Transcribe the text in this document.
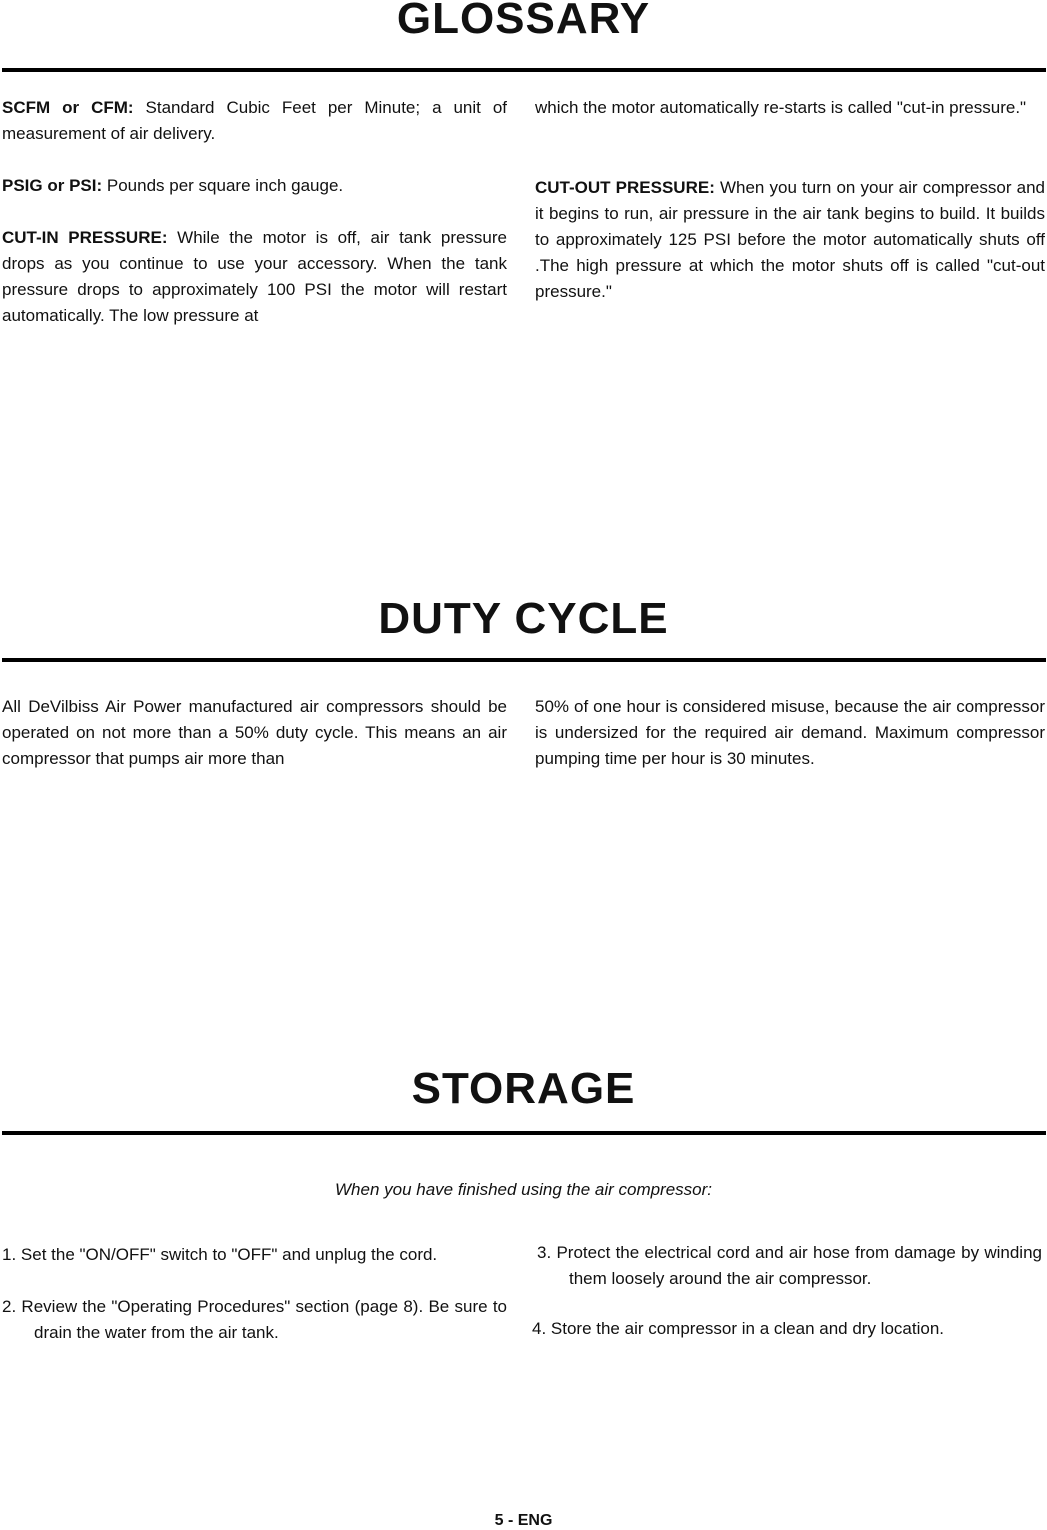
GLOSSARY

SCFM or CFM: Standard Cubic Feet per Minute; a unit of measurement of air delivery.

PSIG or PSI: Pounds per square inch gauge.

CUT-IN PRESSURE: While the motor is off, air tank pressure drops as you continue to use your accessory. When the tank pressure drops to approximately 100 PSI the motor will restart automatically. The low pressure at

which the motor automatically re-starts is called "cut-in pressure."

CUT-OUT PRESSURE: When you turn on your air compressor and it begins to run, air pressure in the air tank begins to build. It builds to approximately 125 PSI before the motor automatically shuts off .The high pressure at which the motor shuts off is called "cut-out pressure."

DUTY CYCLE

All DeVilbiss Air Power manufactured air compressors should be operated on not more than a 50% duty cycle. This means an air compressor that pumps air more than

50% of one hour is considered misuse, because the air compressor is undersized for the required air demand. Maximum compressor pumping time per hour is 30 minutes.

STORAGE
When you have finished using the air compressor:

1. Set the "ON/OFF" switch to "OFF" and unplug the cord.

2. Review the "Operating Procedures" section (page 8). Be sure to drain the water from the air tank.

3. Protect the electrical cord and air hose from damage by winding them loosely around the air compressor.

4. Store the air compressor in a clean and dry location.

5 - ENG
